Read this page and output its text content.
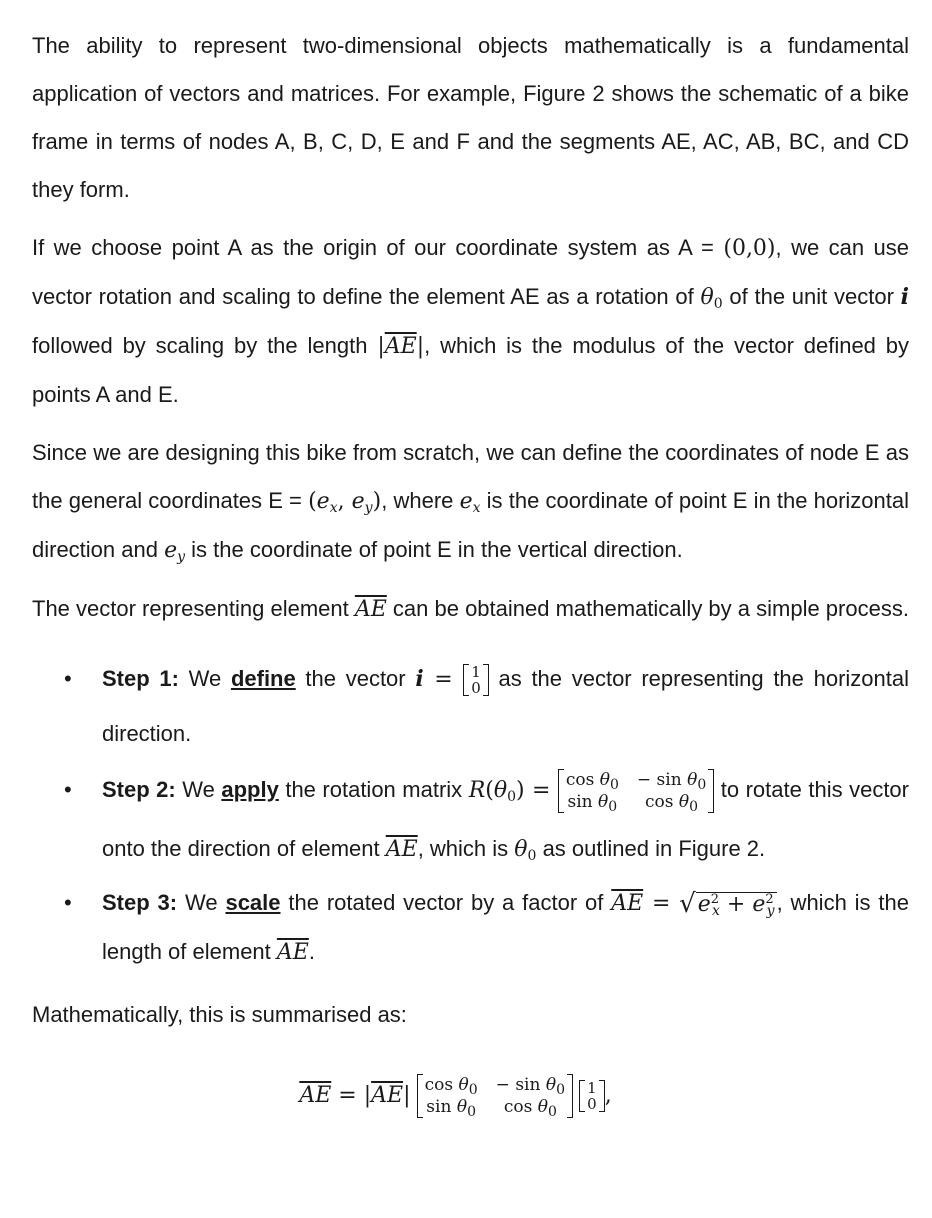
The ability to represent two-dimensional objects mathematically is a fundamental application of vectors and matrices. For example, Figure 2 shows the schematic of a bike frame in terms of nodes A, B, C, D, E and F and the segments AE, AC, AB, BC, and CD they form.

If we choose point A as the origin of our coordinate system as A = (0,0), we can use vector rotation and scaling to define the element AE as a rotation of $\theta_0$ of the unit vector i followed by scaling by the length $|\overline{AE}|$, which is the modulus of the vector defined by points A and E.

Since we are designing this bike from scratch, we can define the coordinates of node E as the general coordinates $E = (e_x$, $e_y$), where $e_x$ is the coordinate of point E in the horizontal direction and $e_y$ is the coordinate of point E in the vertical direction.

The vector representing element $\overline{AE}$ can be obtained mathematically by a simple process.

• Step 1: We define the vector i = 1
0 as the vector representing the horizontal direction.
• Step 2: We apply the rotation matrix $R(\theta_0) = \cos \theta_0 - \sin \theta_0$
$\sin \theta_0$	$\cos \theta_0$
to rotate this vector onto the direction of element $\overline{AE}$, which is $\theta_0$ as outlined in Figure 2.
• Step 3: We scale the rotated vector by a factor of $\overline{AE}$ = √ $e^2_x + e^2_y$ , which is the length of element $\overline{AE}$.

Mathematically, this is summarised as:

$\overline{AE} = |\overline{AE}|$ $\cos \theta_0 - \sin \theta_0$
$\sin \theta_0$	$\cos \theta_0$

1
0 ,
